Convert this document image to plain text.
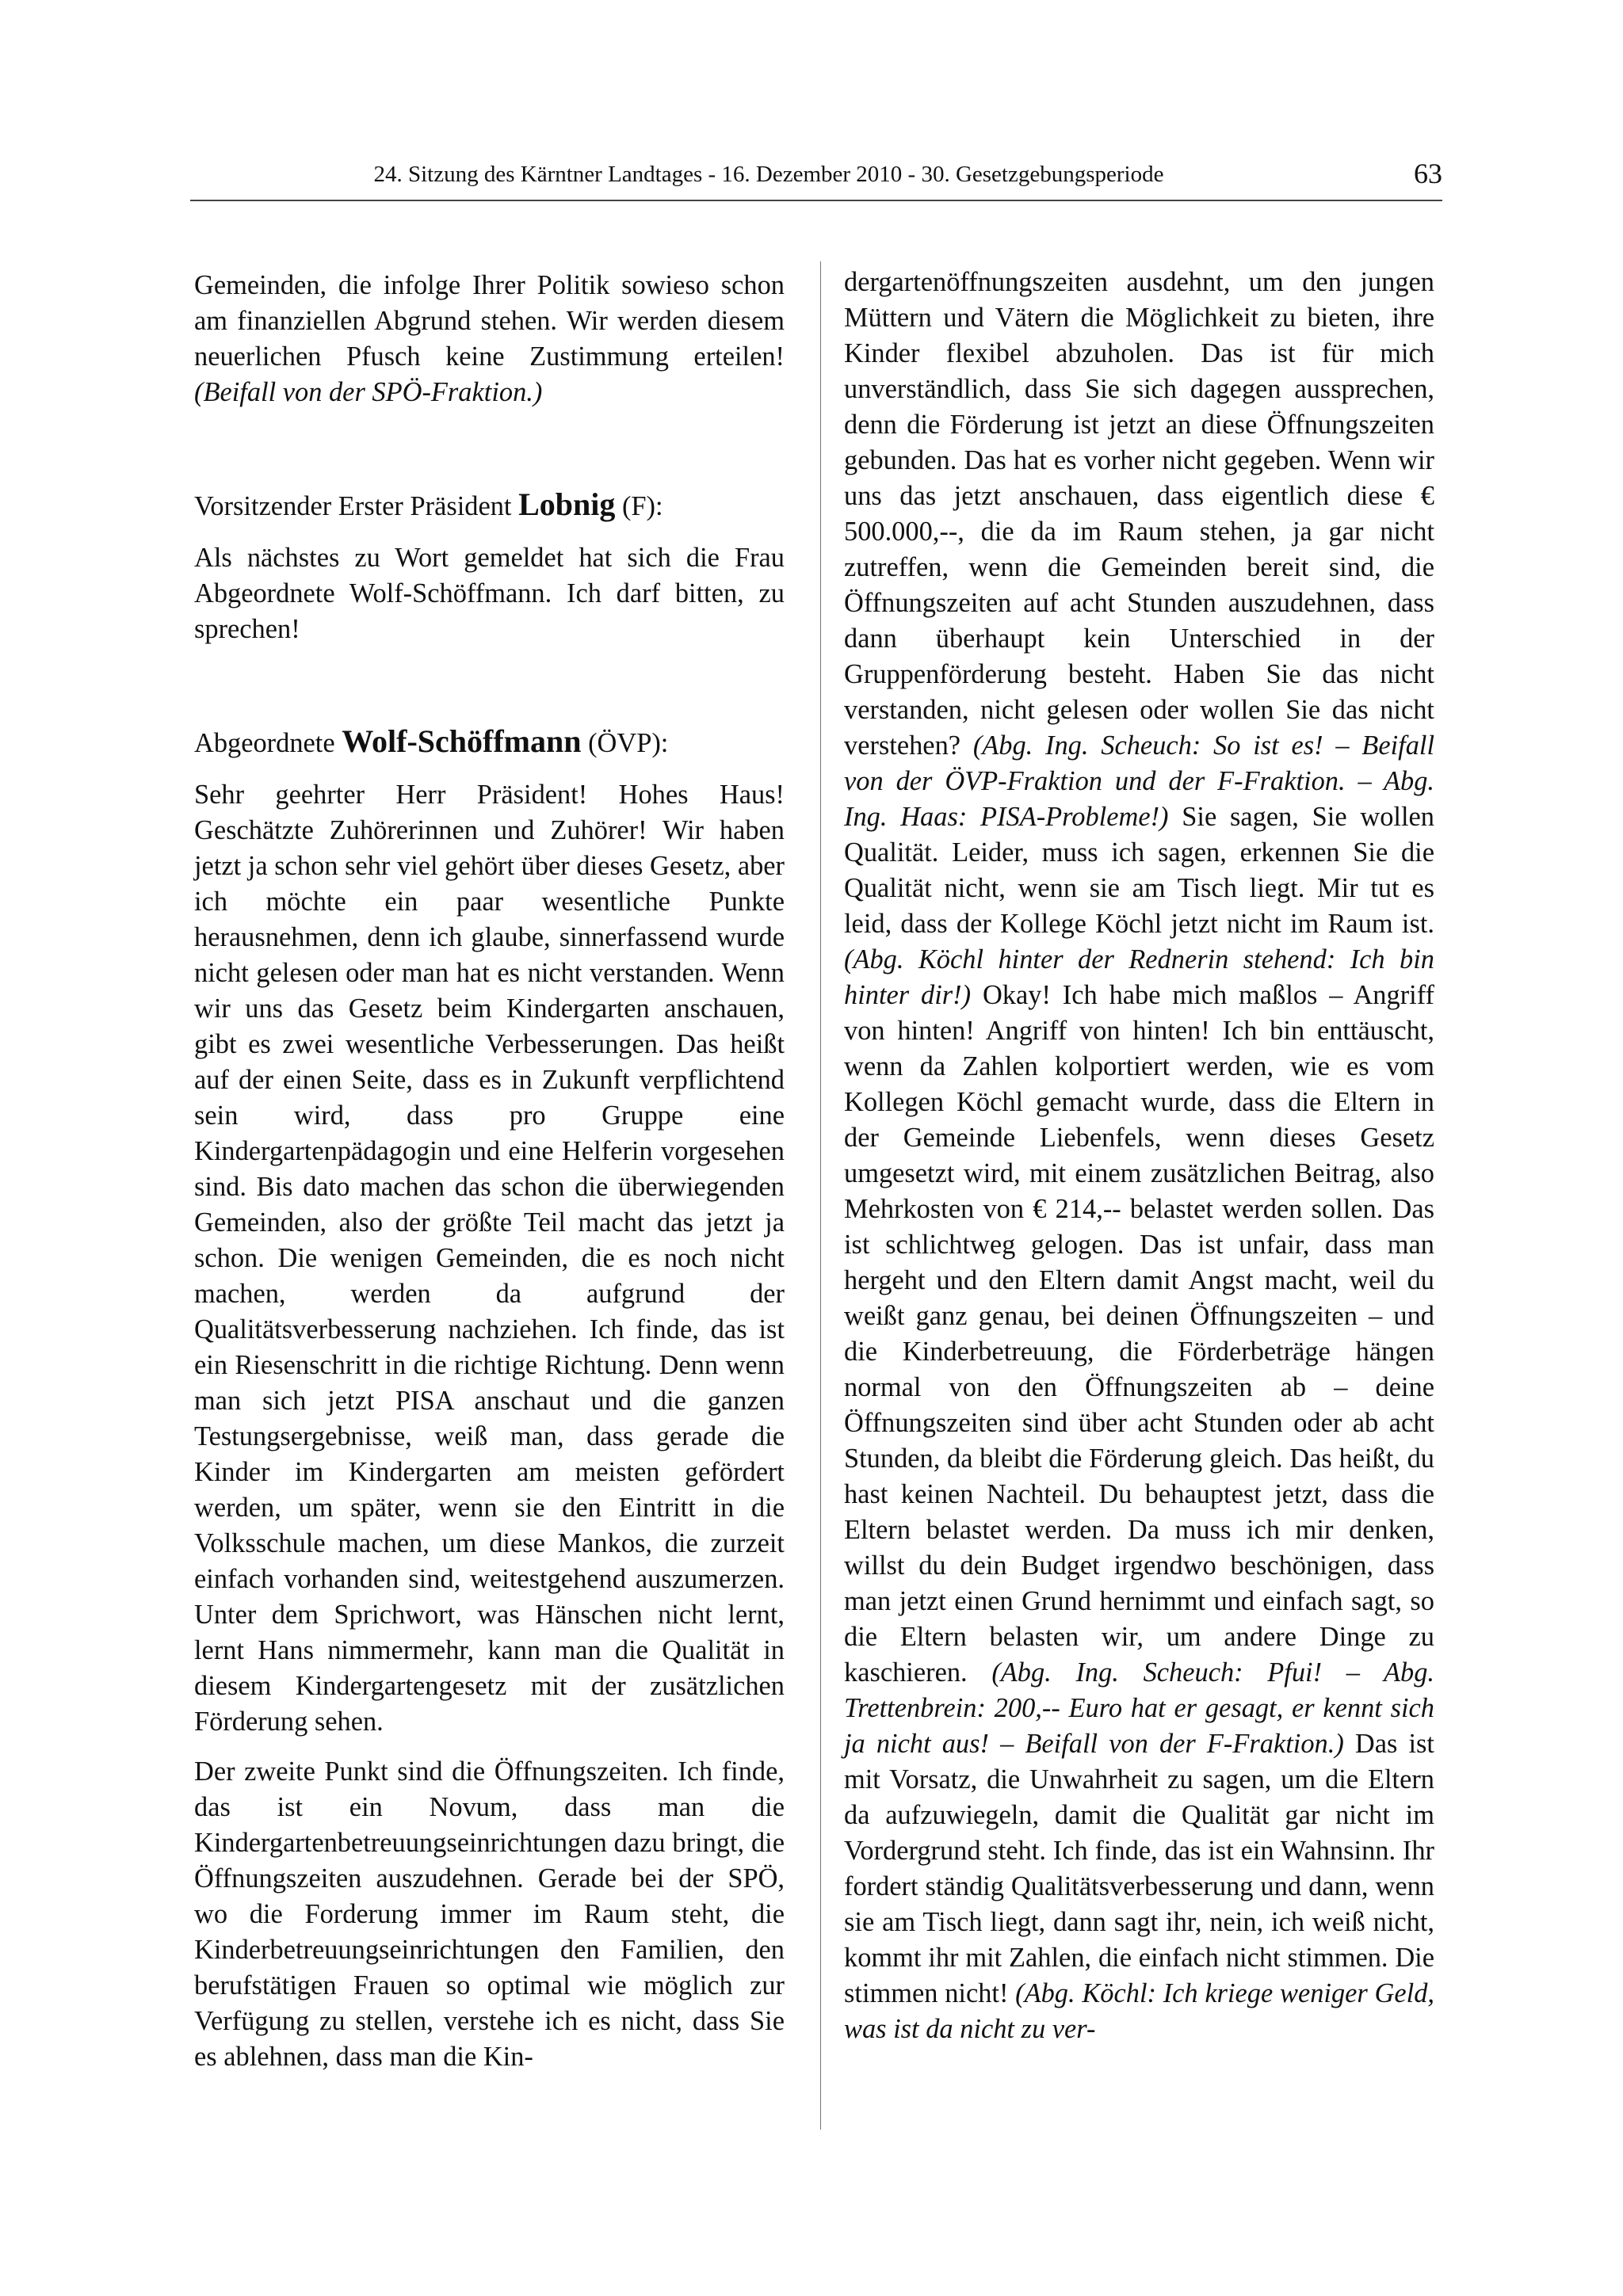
24. Sitzung des Kärntner Landtages - 16. Dezember 2010 - 30. Gesetzgebungsperiode	63

Gemeinden, die infolge Ihrer Politik sowieso schon am finanziellen Abgrund stehen. Wir werden diesem neuerlichen Pfusch keine Zustimmung erteilen! (Beifall von der SPÖ-Fraktion.)

Vorsitzender Erster Präsident Lobnig (F):

Als nächstes zu Wort gemeldet hat sich die Frau Abgeordnete Wolf-Schöffmann. Ich darf bitten, zu sprechen!

Abgeordnete Wolf-Schöffmann (ÖVP):

Sehr geehrter Herr Präsident! Hohes Haus! Geschätzte Zuhörerinnen und Zuhörer! Wir haben jetzt ja schon sehr viel gehört über dieses Gesetz, aber ich möchte ein paar wesentliche Punkte herausnehmen, denn ich glaube, sinnerfassend wurde nicht gelesen oder man hat es nicht verstanden. Wenn wir uns das Gesetz beim Kindergarten anschauen, gibt es zwei wesentliche Verbesserungen. Das heißt auf der einen Seite, dass es in Zukunft verpflichtend sein wird, dass pro Gruppe eine Kindergartenpädagogin und eine Helferin vorgesehen sind. Bis dato machen das schon die überwiegenden Gemeinden, also der größte Teil macht das jetzt ja schon. Die wenigen Gemeinden, die es noch nicht machen, werden da aufgrund der Qualitätsverbesserung nachziehen. Ich finde, das ist ein Riesenschritt in die richtige Richtung. Denn wenn man sich jetzt PISA anschaut und die ganzen Testungsergebnisse, weiß man, dass gerade die Kinder im Kindergarten am meisten gefördert werden, um später, wenn sie den Eintritt in die Volksschule machen, um diese Mankos, die zurzeit einfach vorhanden sind, weitestgehend auszumerzen. Unter dem Sprichwort, was Hänschen nicht lernt, lernt Hans nimmermehr, kann man die Qualität in diesem Kindergartengesetz mit der zusätzlichen Förderung sehen.

Der zweite Punkt sind die Öffnungszeiten. Ich finde, das ist ein Novum, dass man die Kindergartenbetreuungseinrichtungen dazu bringt, die Öffnungszeiten auszudehnen. Gerade bei der SPÖ, wo die Forderung immer im Raum steht, die Kinderbetreuungseinrichtungen den Familien, den berufstätigen Frauen so optimal wie möglich zur Verfügung zu stellen, verstehe ich es nicht, dass Sie es ablehnen, dass man die Kin-

dergartenöffnungszeiten ausdehnt, um den jungen Müttern und Vätern die Möglichkeit zu bieten, ihre Kinder flexibel abzuholen. Das ist für mich unverständlich, dass Sie sich dagegen aussprechen, denn die Förderung ist jetzt an diese Öffnungszeiten gebunden. Das hat es vorher nicht gegeben. Wenn wir uns das jetzt anschauen, dass eigentlich diese € 500.000,--, die da im Raum stehen, ja gar nicht zutreffen, wenn die Gemeinden bereit sind, die Öffnungszeiten auf acht Stunden auszudehnen, dass dann überhaupt kein Unterschied in der Gruppenförderung besteht. Haben Sie das nicht verstanden, nicht gelesen oder wollen Sie das nicht verstehen? (Abg. Ing. Scheuch: So ist es! – Beifall von der ÖVP-Fraktion und der F-Fraktion. – Abg. Ing. Haas: PISA-Probleme!) Sie sagen, Sie wollen Qualität. Leider, muss ich sagen, erkennen Sie die Qualität nicht, wenn sie am Tisch liegt. Mir tut es leid, dass der Kollege Köchl jetzt nicht im Raum ist. (Abg. Köchl hinter der Rednerin stehend: Ich bin hinter dir!) Okay! Ich habe mich maßlos – Angriff von hinten! Angriff von hinten! Ich bin enttäuscht, wenn da Zahlen kolportiert werden, wie es vom Kollegen Köchl gemacht wurde, dass die Eltern in der Gemeinde Liebenfels, wenn dieses Gesetz umgesetzt wird, mit einem zusätzlichen Beitrag, also Mehrkosten von € 214,-- belastet werden sollen. Das ist schlichtweg gelogen. Das ist unfair, dass man hergeht und den Eltern damit Angst macht, weil du weißt ganz genau, bei deinen Öffnungszeiten – und die Kinderbetreuung, die Förderbeträge hängen normal von den Öffnungszeiten ab – deine Öffnungszeiten sind über acht Stunden oder ab acht Stunden, da bleibt die Förderung gleich. Das heißt, du hast keinen Nachteil. Du behauptest jetzt, dass die Eltern belastet werden. Da muss ich mir denken, willst du dein Budget irgendwo beschönigen, dass man jetzt einen Grund hernimmt und einfach sagt, so die Eltern belasten wir, um andere Dinge zu kaschieren. (Abg. Ing. Scheuch: Pfui! – Abg. Trettenbrein: 200,-- Euro hat er gesagt, er kennt sich ja nicht aus! – Beifall von der F-Fraktion.) Das ist mit Vorsatz, die Unwahrheit zu sagen, um die Eltern da aufzuwiegeln, damit die Qualität gar nicht im Vordergrund steht. Ich finde, das ist ein Wahnsinn. Ihr fordert ständig Qualitätsverbesserung und dann, wenn sie am Tisch liegt, dann sagt ihr, nein, ich weiß nicht, kommt ihr mit Zahlen, die einfach nicht stimmen. Die stimmen nicht! (Abg. Köchl: Ich kriege weniger Geld, was ist da nicht zu ver-
